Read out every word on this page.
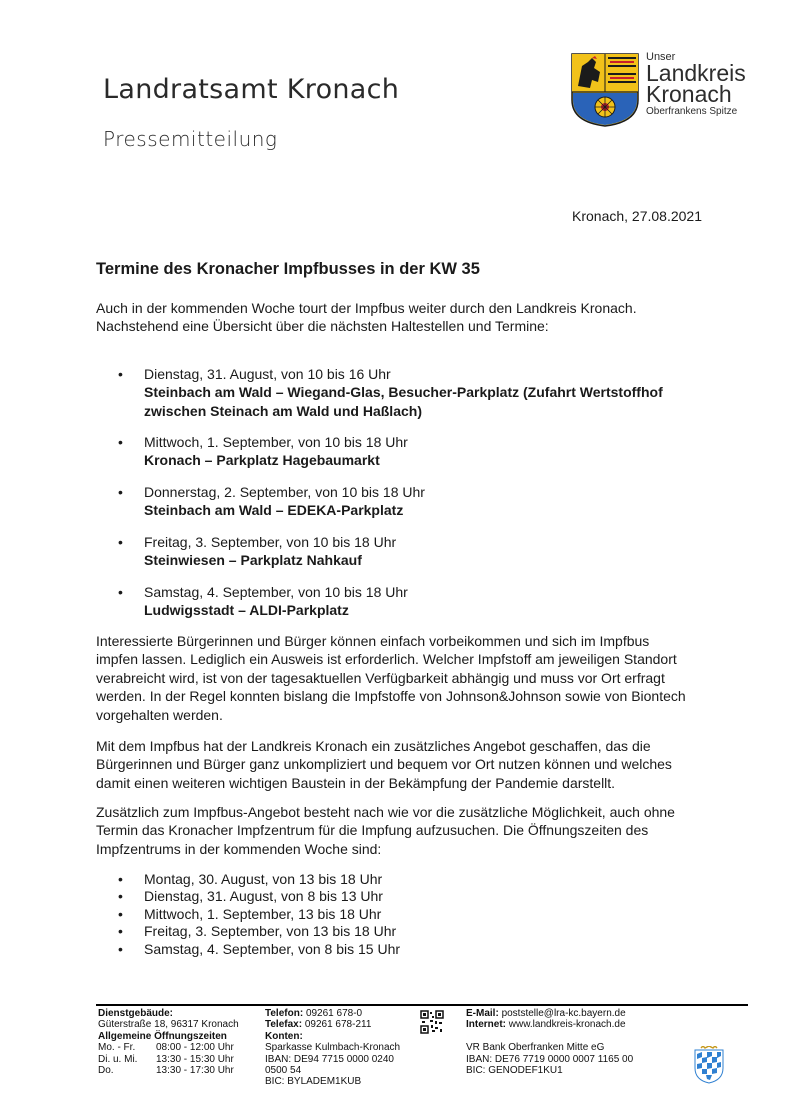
Landratsamt Kronach
Pressemitteilung
Unser
Landkreis
Kronach
Oberfrankens Spitze
Kronach, 27.08.2021
Termine des Kronacher Impfbusses in der KW 35
Auch in der kommenden Woche tourt der Impfbus weiter durch den Landkreis Kronach.
Nachstehend eine Übersicht über die nächsten Haltestellen und Termine:
• Dienstag, 31. August, von 10 bis 16 Uhr
Steinbach am Wald – Wiegand-Glas, Besucher-Parkplatz (Zufahrt Wertstoffhof
zwischen Steinach am Wald und Haßlach)
• Mittwoch, 1. September, von 10 bis 18 Uhr
Kronach – Parkplatz Hagebaumarkt
• Donnerstag, 2. September, von 10 bis 18 Uhr
Steinbach am Wald – EDEKA-Parkplatz
• Freitag, 3. September, von 10 bis 18 Uhr
Steinwiesen – Parkplatz Nahkauf
• Samstag, 4. September, von 10 bis 18 Uhr
Ludwigsstadt – ALDI-Parkplatz
Interessierte Bürgerinnen und Bürger können einfach vorbeikommen und sich im Impfbus
impfen lassen. Lediglich ein Ausweis ist erforderlich. Welcher Impfstoff am jeweiligen Standort
verabreicht wird, ist von der tagesaktuellen Verfügbarkeit abhängig und muss vor Ort erfragt
werden. In der Regel konnten bislang die Impfstoffe von Johnson&Johnson sowie von Biontech
vorgehalten werden.
Mit dem Impfbus hat der Landkreis Kronach ein zusätzliches Angebot geschaffen, das die
Bürgerinnen und Bürger ganz unkompliziert und bequem vor Ort nutzen können und welches
damit einen weiteren wichtigen Baustein in der Bekämpfung der Pandemie darstellt.
Zusätzlich zum Impfbus-Angebot besteht nach wie vor die zusätzliche Möglichkeit, auch ohne
Termin das Kronacher Impfzentrum für die Impfung aufzusuchen. Die Öffnungszeiten des
Impfzentrums in der kommenden Woche sind:
• Montag, 30. August, von 13 bis 18 Uhr
• Dienstag, 31. August, von 8 bis 13 Uhr
• Mittwoch, 1. September, 13 bis 18 Uhr
• Freitag, 3. September, von 13 bis 18 Uhr
• Samstag, 4. September, von 8 bis 15 Uhr
Dienstgebäude:
Güterstraße 18, 96317 Kronach
Allgemeine Öffnungszeiten
Mo. - Fr. 08:00 - 12:00 Uhr
Di. u. Mi. 13:30 - 15:30 Uhr
Do.	13:30 - 17:30 Uhr
Telefon: 09261 678-0
Telefax: 09261 678-211
Konten:
Sparkasse Kulmbach-Kronach
IBAN: DE94 7715 0000 0240 0500 54
BIC: BYLADEM1KUB
E-Mail: poststelle@lra-kc.bayern.de
Internet: www.landkreis-kronach.de

VR Bank Oberfranken Mitte eG
IBAN: DE76 7719 0000 0007 1165 00
BIC: GENODEF1KU1
